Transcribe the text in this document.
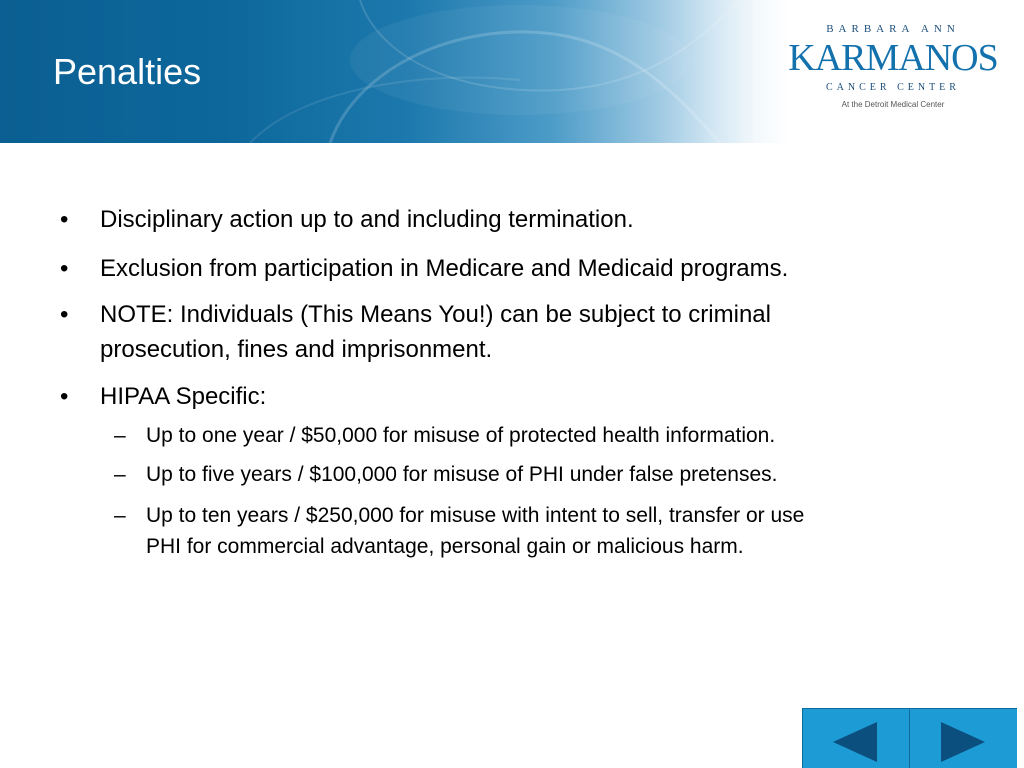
Penalties
BARBARA ANN
KARMANOS
CANCER CENTER
At the Detroit Medical Center
• Disciplinary action up to and including termination.
• Exclusion from participation in Medicare and Medicaid programs.
• NOTE: Individuals (This Means You!) can be subject to criminal
prosecution, fines and imprisonment.
• HIPAA Specific:
– Up to one year / $50,000 for misuse of protected health information.
– Up to five years / $100,000 for misuse of PHI under false pretenses.
– Up to ten years / $250,000 for misuse with intent to sell, transfer or use
PHI for commercial advantage, personal gain or malicious harm.
